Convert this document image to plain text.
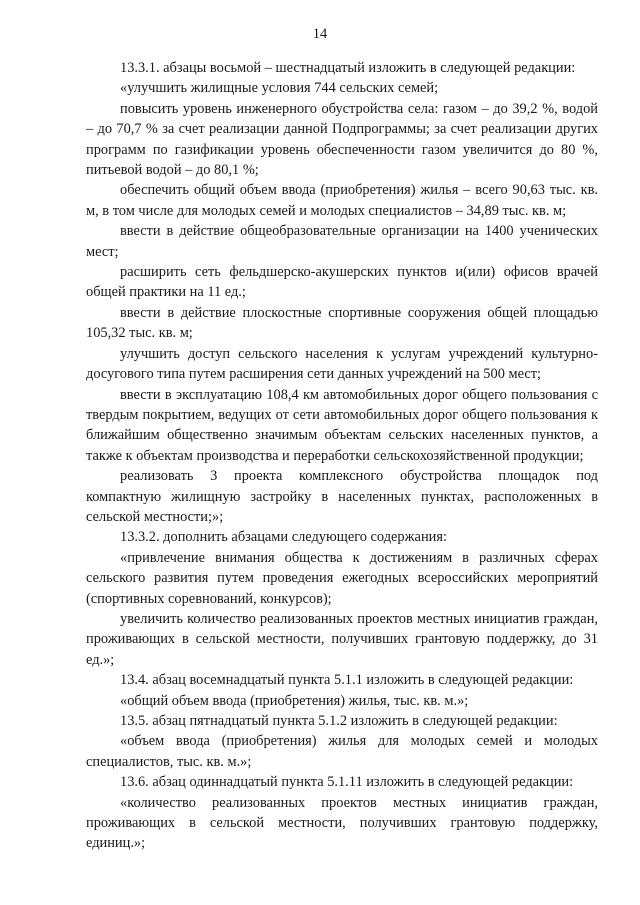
14

13.3.1. абзацы восьмой – шестнадцатый изложить в следующей редакции:

«улучшить жилищные условия 744 сельских семей;

повысить уровень инженерного обустройства села: газом – до 39,2 %, водой – до 70,7 % за счет реализации данной Подпрограммы; за счет реализации других программ по газификации уровень обеспеченности газом увеличится до 80 %, питьевой водой – до 80,1 %;

обеспечить общий объем ввода (приобретения) жилья – всего 90,63 тыс. кв. м, в том числе для молодых семей и молодых специалистов – 34,89 тыс. кв. м;

ввести в действие общеобразовательные организации на 1400 ученических мест;

расширить сеть фельдшерско-акушерских пунктов и(или) офисов врачей общей практики на 11 ед.;

ввести в действие плоскостные спортивные сооружения общей площадью 105,32 тыс. кв. м;

улучшить доступ сельского населения к услугам учреждений культурно-досугового типа путем расширения сети данных учреждений на 500 мест;

ввести в эксплуатацию 108,4 км автомобильных дорог общего пользования с твердым покрытием, ведущих от сети автомобильных дорог общего пользования к ближайшим общественно значимым объектам сельских населенных пунктов, а также к объектам производства и переработки сельскохозяйственной продукции;

реализовать 3 проекта комплексного обустройства площадок под компактную жилищную застройку в населенных пунктах, расположенных в сельской местности;»;

13.3.2. дополнить абзацами следующего содержания:

«привлечение внимания общества к достижениям в различных сферах сельского развития путем проведения ежегодных всероссийских мероприятий (спортивных соревнований, конкурсов);

увеличить количество реализованных проектов местных инициатив граждан, проживающих в сельской местности, получивших грантовую поддержку, до 31 ед.»;

13.4. абзац восемнадцатый пункта 5.1.1 изложить в следующей редакции:

«общий объем ввода (приобретения) жилья, тыс. кв. м.»;

13.5. абзац пятнадцатый пункта 5.1.2 изложить в следующей редакции:

«объем ввода (приобретения) жилья для молодых семей и молодых специалистов, тыс. кв. м.»;

13.6. абзац одиннадцатый пункта 5.1.11 изложить в следующей редакции:

«количество реализованных проектов местных инициатив граждан, проживающих в сельской местности, получивших грантовую поддержку, единиц.»;
